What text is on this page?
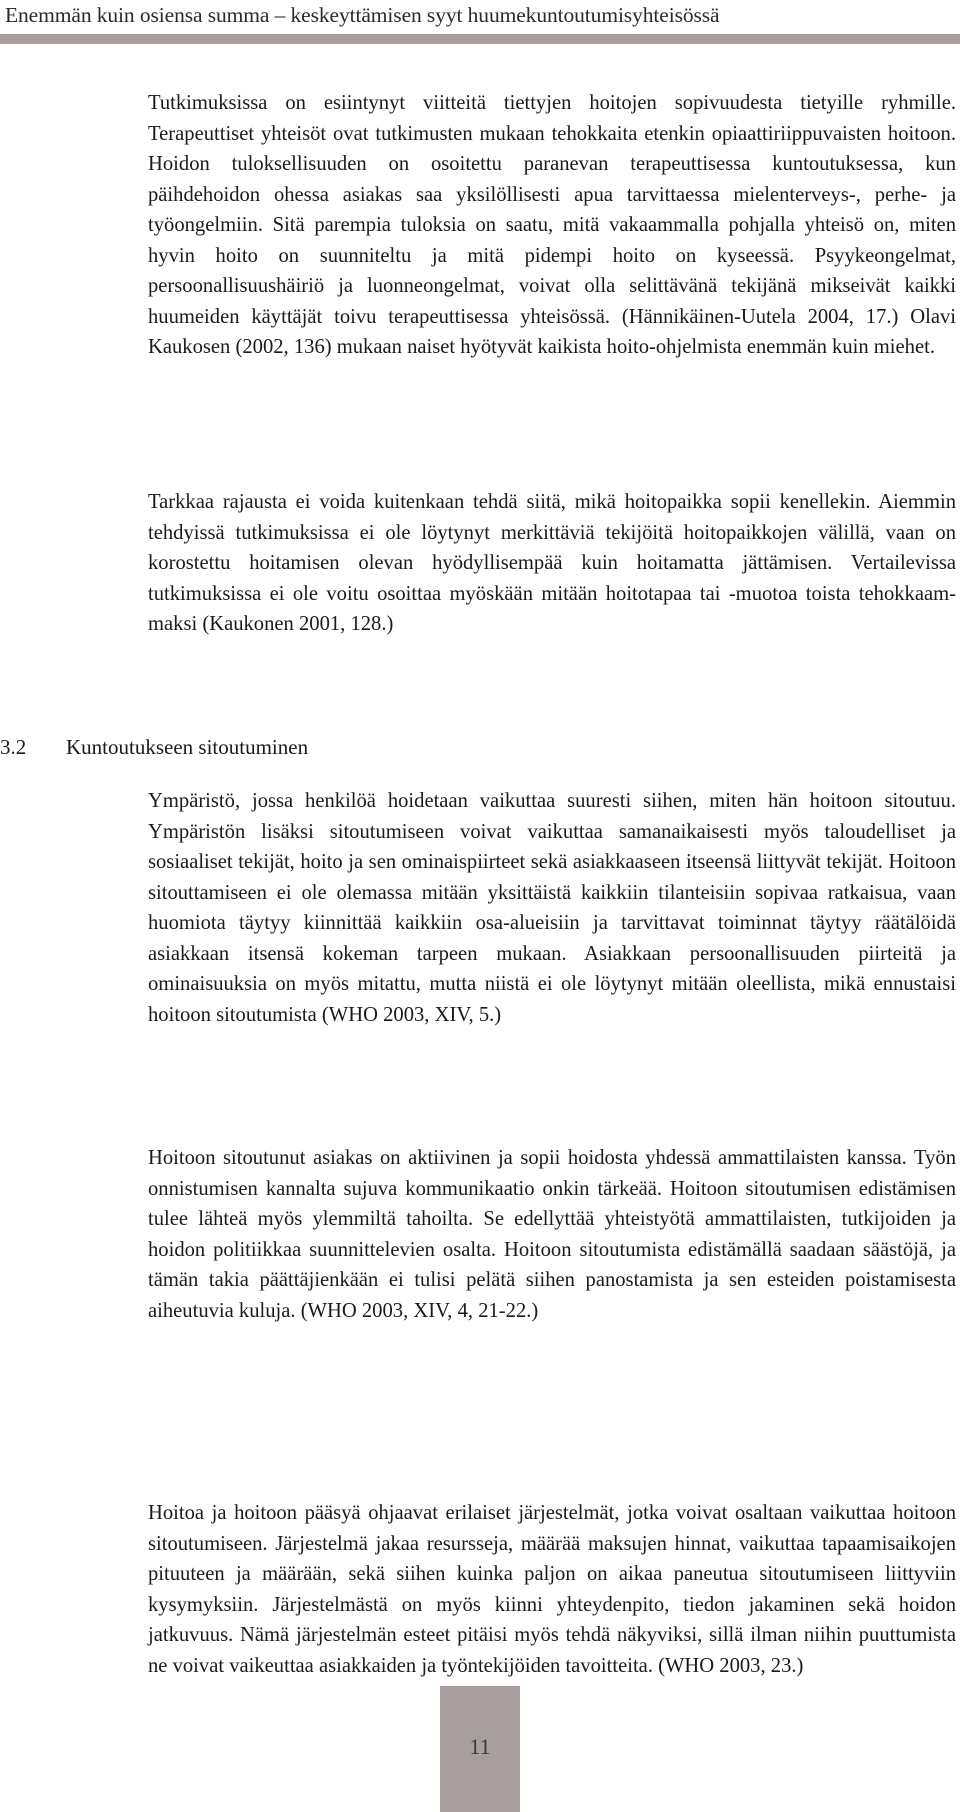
Enemmän kuin osiensa summa – keskeyttämisen syyt huumekuntoutumisyhteisössä

Tutkimuksissa on esiintynyt viitteitä tiettyjen hoitojen sopivuudesta tietyille ryhmille. Terapeuttiset yhteisöt ovat tutkimusten mukaan tehokkaita etenkin opiaattiriippuvaisten hoitoon. Hoidon tuloksellisuuden on osoitettu paranevan terapeuttisessa kuntoutuksessa, kun päihdehoidon ohessa asiakas saa yksilöllisesti apua tarvittaessa mielenterveys-, perhe- ja työongelmiin. Sitä parempia tuloksia on saatu, mitä vakaammalla pohjalla yhteisö on, miten hyvin hoito on suunniteltu ja mitä pidempi hoito on kyseessä. Psyykeongelmat, persoonallisuushäiriö ja luonneongelmat, voivat olla selittävänä tekijänä mikseivät kaikki huumeiden käyttäjät toivu terapeuttisessa yhteisössä. (Hännikäinen-Uutela 2004, 17.) Olavi Kaukosen (2002, 136) mukaan naiset hyötyvät kaikista hoito-ohjelmista enemmän kuin miehet.

Tarkkaa rajausta ei voida kuitenkaan tehdä siitä, mikä hoitopaikka sopii kenellekin. Aiemmin tehdyissä tutkimuksissa ei ole löytynyt merkittäviä tekijöitä hoitopaikkojen välillä, vaan on korostettu hoitamisen olevan hyödyllisempää kuin hoitamatta jättämisen. Vertailevissa tutkimuksissa ei ole voitu osoittaa myöskään mitään hoitotapaa tai -muotoa toista tehokkaammaksi (Kaukonen 2001, 128.)

3.2 Kuntoutukseen sitoutuminen

Ympäristö, jossa henkilöä hoidetaan vaikuttaa suuresti siihen, miten hän hoitoon sitoutuu. Ympäristön lisäksi sitoutumiseen voivat vaikuttaa samanaikaisesti myös taloudelliset ja sosiaaliset tekijät, hoito ja sen ominaispiirteet sekä asiakkaaseen itseensä liittyvät tekijät. Hoitoon sitouttamiseen ei ole olemassa mitään yksittäistä kaikkiin tilanteisiin sopivaa ratkaisua, vaan huomiota täytyy kiinnittää kaikkiin osa-alueisiin ja tarvittavat toiminnat täytyy räätälöidä asiakkaan itsensä kokeman tarpeen mukaan. Asiakkaan persoonallisuuden piirteitä ja ominaisuuksia on myös mitattu, mutta niistä ei ole löytynyt mitään oleellista, mikä ennustaisi hoitoon sitoutumista (WHO 2003, XIV, 5.)

Hoitoon sitoutunut asiakas on aktiivinen ja sopii hoidosta yhdessä ammattilaisten kanssa. Työn onnistumisen kannalta sujuva kommunikaatio onkin tärkeää. Hoitoon sitoutumisen edistämisen tulee lähteä myös ylemmiltä tahoilta. Se edellyttää yhteistyötä ammattilaisten, tutkijoiden ja hoidon politiikkaa suunnittelevien osalta. Hoitoon sitoutumista edistämällä saadaan säästöjä, ja tämän takia päättäjienkään ei tulisi pelätä siihen panostamista ja sen esteiden poistamisesta aiheutuvia kuluja. (WHO 2003, XIV, 4, 21-22.)

Hoitoa ja hoitoon pääsyä ohjaavat erilaiset järjestelmät, jotka voivat osaltaan vaikuttaa hoitoon sitoutumiseen. Järjestelmä jakaa resursseja, määrää maksujen hinnat, vaikuttaa tapaamisaikojen pituuteen ja määrään, sekä siihen kuinka paljon on aikaa paneutua sitoutumiseen liittyviin kysymyksiin. Järjestelmästä on myös kiinni yhteydenpito, tiedon jakaminen sekä hoidon jatkuvuus. Nämä järjestelmän esteet pitäisi myös tehdä näkyviksi, sillä ilman niihin puuttumista ne voivat vaikeuttaa asiakkaiden ja työntekijöiden tavoitteita. (WHO 2003, 23.)

11
